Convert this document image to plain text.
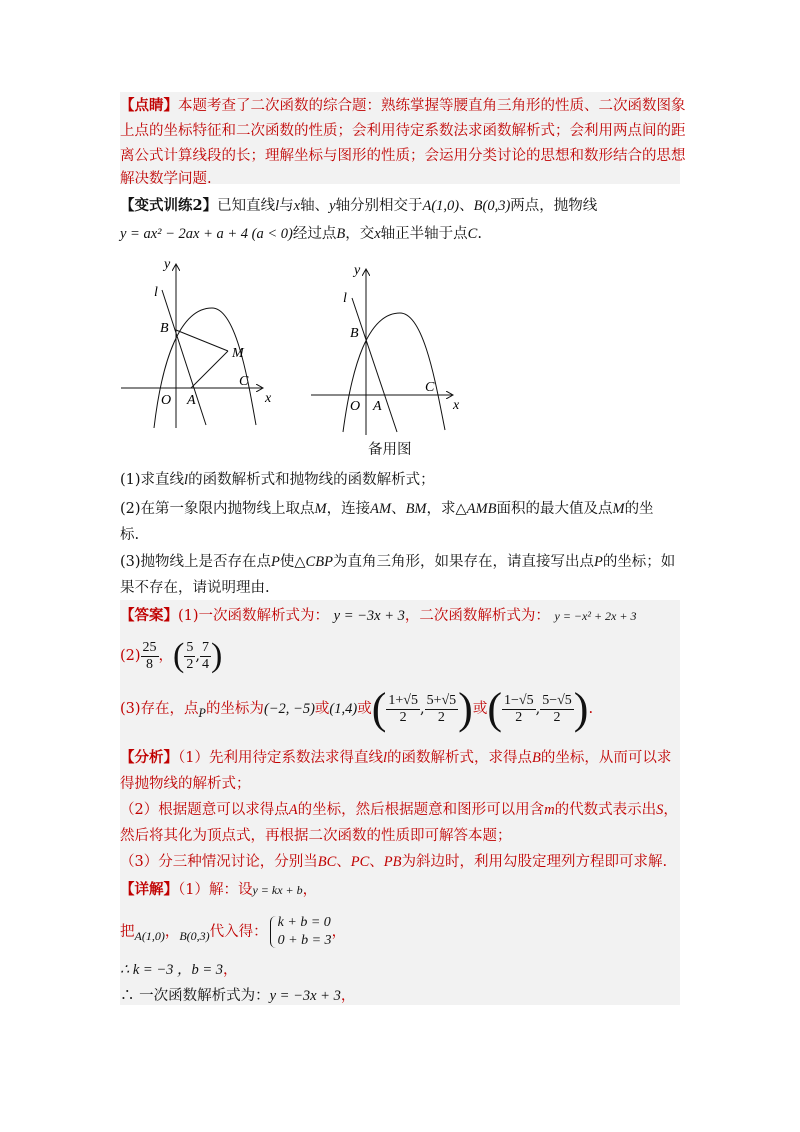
【点睛】本题考查了二次函数的综合题：熟练掌握等腰直角三角形的性质、二次函数图象
上点的坐标特征和二次函数的性质；会利用待定系数法求函数解析式；会利用两点间的距
离公式计算线段的长；理解坐标与图形的性质；会运用分类讨论的思想和数形结合的思想
解决数学问题.
【变式训练2】已知直线l与x轴、y轴分别相交于A(1,0)、B(0,3)两点，抛物线
y = ax² − 2ax + a + 4 (a < 0)经过点B，交x轴正半轴于点C.
y
l
B
M
C
O A	x
y
l
B
C
O A	x
备用图
(1)求直线l的函数解析式和抛物线的函数解析式；
(2)在第一象限内抛物线上取点M，连接AM、BM，求△AMB面积的最大值及点M的坐
标.
(3)抛物线上是否存在点P使△CBP为直角三角形，如果存在，请直接写出点P的坐标；如
果不存在，请说明理由.
【答案】(1)一次函数解析式为： y = −3x + 3，二次函数解析式为： y = −x² + 2x + 3
$(2) \frac{25}{8}$ ，( $\frac{5}{2}$ , $\frac{7}{4}$ )
(3)存在，点$_P$的坐标为(−2, −5)或(1,4)或( $\frac{1+√5}{2}$ , $\frac{5+√5}{2}$ )或( $\frac{1-√5}{2}$ , $\frac{5-√5}{2}$ ).
【分析】（1）先利用待定系数法求得直线l的函数解析式，求得点B的坐标，从而可以求
得抛物线的解析式；
（2）根据题意可以求得点A的坐标，然后根据题意和图形可以用含m的代数式表示出S，
然后将其化为顶点式，再根据二次函数的性质即可解答本题；
（3）分三种情况讨论，分别当BC、PC、PB为斜边时，利用勾股定理列方程即可求解.
【详解】（1）解：设y = kx + b，
把$_{A(1,0)}$，$_{B(0,3)}$代入得：
k + b = 0
0 + b = 3
，
∴ k = −3 ，b = 3，
∴ 一次函数解析式为：y = −3x + 3，
